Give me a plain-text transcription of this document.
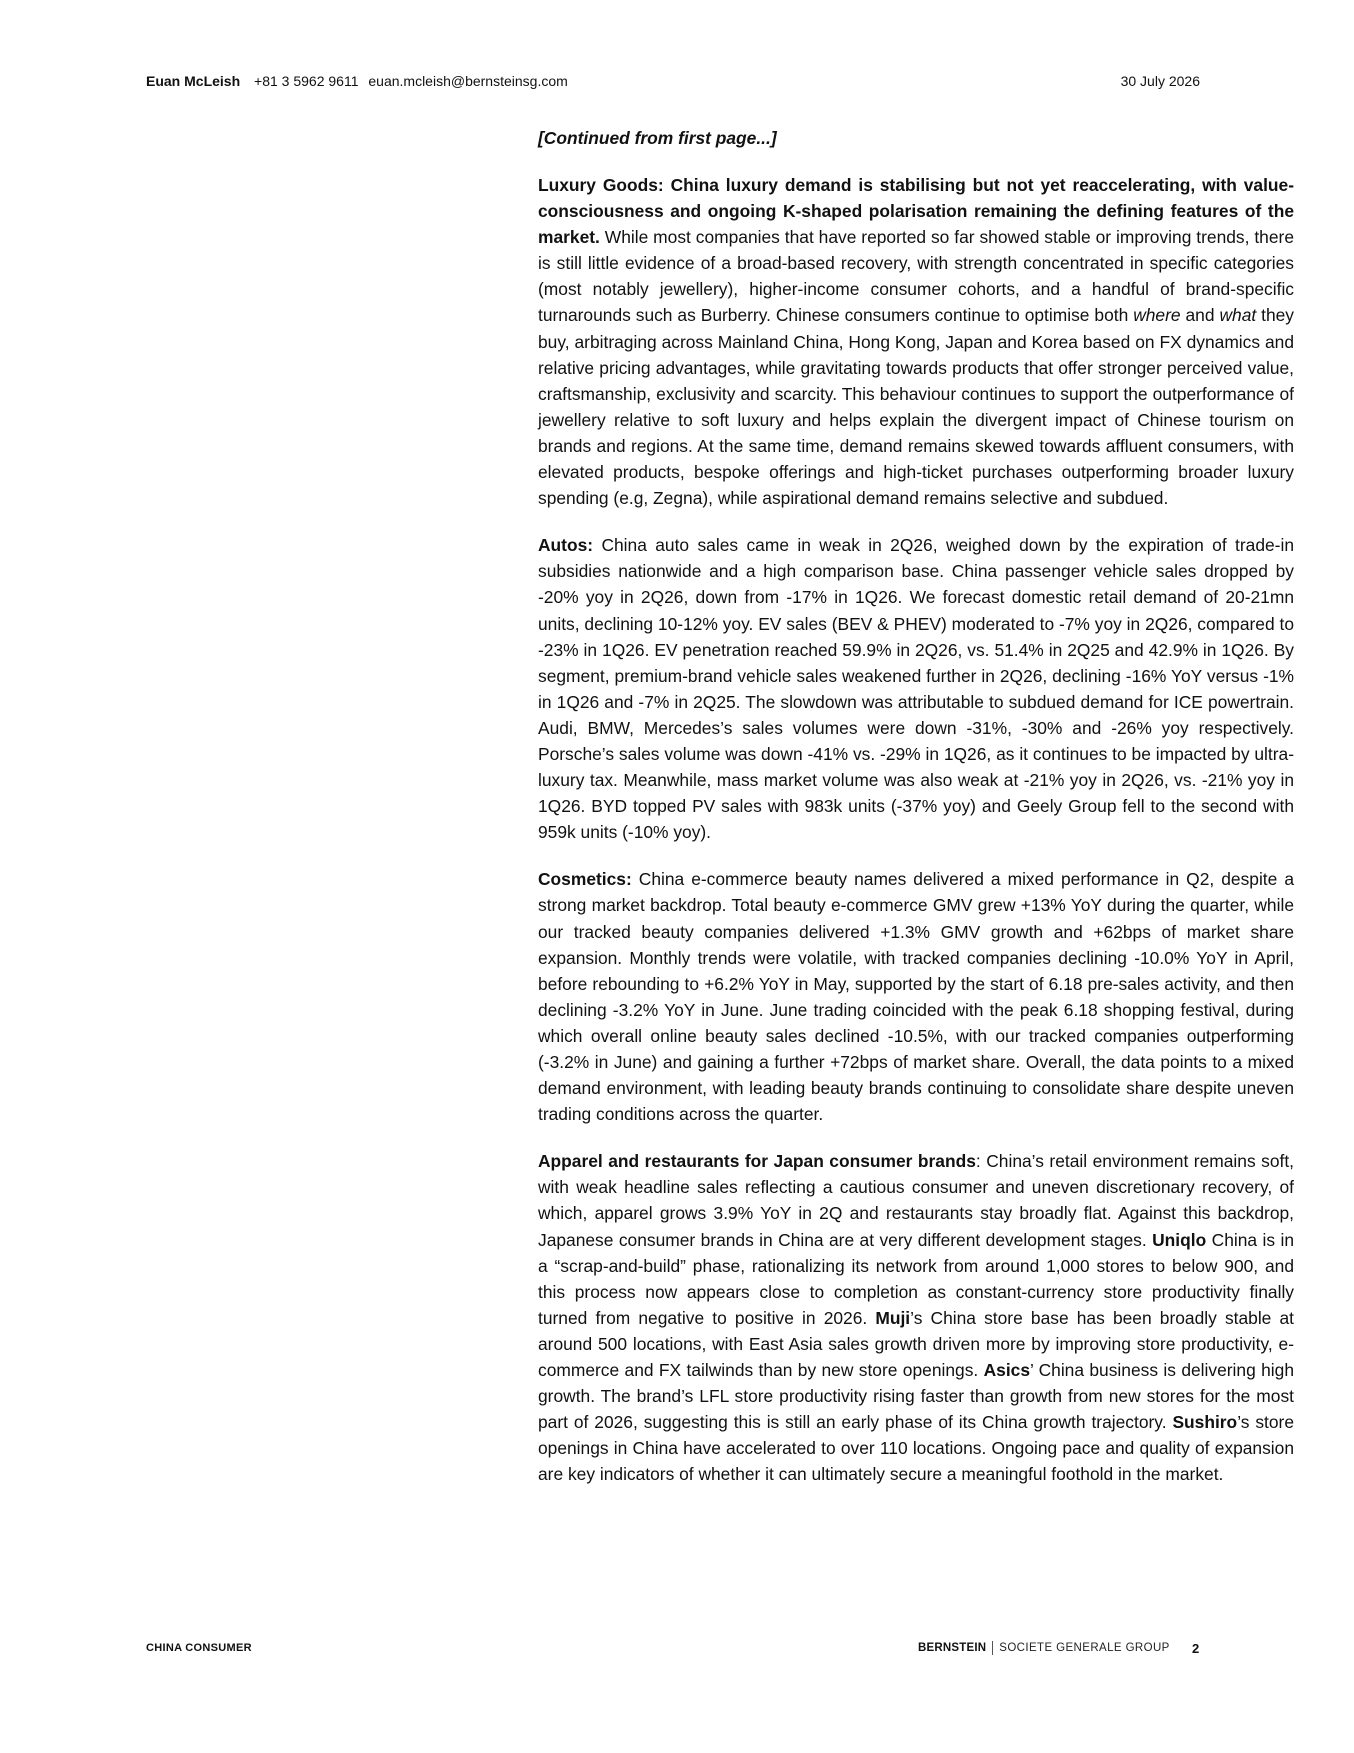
Euan McLeish +81 3 5962 9611 euan.mcleish@bernsteinsg.com	30 July 2026

[Continued from first page...]

Luxury Goods: China luxury demand is stabilising but not yet reaccelerating, with value-consciousness and ongoing K-shaped polarisation remaining the defining features of the market. While most companies that have reported so far showed stable or improving trends, there is still little evidence of a broad-based recovery, with strength concentrated in specific categories (most notably jewellery), higher-income consumer cohorts, and a handful of brand-specific turnarounds such as Burberry. Chinese consumers continue to optimise both where and what they buy, arbitraging across Mainland China, Hong Kong, Japan and Korea based on FX dynamics and relative pricing advantages, while gravitating towards products that offer stronger perceived value, craftsmanship, exclusivity and scarcity. This behaviour continues to support the outperformance of jewellery relative to soft luxury and helps explain the divergent impact of Chinese tourism on brands and regions. At the same time, demand remains skewed towards affluent consumers, with elevated products, bespoke offerings and high-ticket purchases outperforming broader luxury spending (e.g, Zegna), while aspirational demand remains selective and subdued.

Autos: China auto sales came in weak in 2Q26, weighed down by the expiration of trade-in subsidies nationwide and a high comparison base. China passenger vehicle sales dropped by -20% yoy in 2Q26, down from -17% in 1Q26. We forecast domestic retail demand of 20-21mn units, declining 10-12% yoy. EV sales (BEV & PHEV) moderated to -7% yoy in 2Q26, compared to -23% in 1Q26. EV penetration reached 59.9% in 2Q26, vs. 51.4% in 2Q25 and 42.9% in 1Q26. By segment, premium-brand vehicle sales weakened further in 2Q26, declining -16% YoY versus -1% in 1Q26 and -7% in 2Q25. The slowdown was attributable to subdued demand for ICE powertrain. Audi, BMW, Mercedes’s sales volumes were down -31%, -30% and -26% yoy respectively. Porsche’s sales volume was down -41% vs. -29% in 1Q26, as it continues to be impacted by ultra-luxury tax. Meanwhile, mass market volume was also weak at -21% yoy in 2Q26, vs. -21% yoy in 1Q26. BYD topped PV sales with 983k units (-37% yoy) and Geely Group fell to the second with 959k units (-10% yoy).

Cosmetics: China e-commerce beauty names delivered a mixed performance in Q2, despite a strong market backdrop. Total beauty e-commerce GMV grew +13% YoY during the quarter, while our tracked beauty companies delivered +1.3% GMV growth and +62bps of market share expansion. Monthly trends were volatile, with tracked companies declining -10.0% YoY in April, before rebounding to +6.2% YoY in May, supported by the start of 6.18 pre-sales activity, and then declining -3.2% YoY in June. June trading coincided with the peak 6.18 shopping festival, during which overall online beauty sales declined -10.5%, with our tracked companies outperforming (-3.2% in June) and gaining a further +72bps of market share. Overall, the data points to a mixed demand environment, with leading beauty brands continuing to consolidate share despite uneven trading conditions across the quarter.

Apparel and restaurants for Japan consumer brands: China’s retail environment remains soft, with weak headline sales reflecting a cautious consumer and uneven discretionary recovery, of which, apparel grows 3.9% YoY in 2Q and restaurants stay broadly flat. Against this backdrop, Japanese consumer brands in China are at very different development stages. Uniqlo China is in a “scrap-and-build” phase, rationalizing its network from around 1,000 stores to below 900, and this process now appears close to completion as constant-currency store productivity finally turned from negative to positive in 2026. Muji’s China store base has been broadly stable at around 500 locations, with East Asia sales growth driven more by improving store productivity, e-commerce and FX tailwinds than by new store openings. Asics’ China business is delivering high growth. The brand’s LFL store productivity rising faster than growth from new stores for the most part of 2026, suggesting this is still an early phase of its China growth trajectory. Sushiro’s store openings in China have accelerated to over 110 locations. Ongoing pace and quality of expansion are key indicators of whether it can ultimately secure a meaningful foothold in the market.

CHINA CONSUMER	BERNSTEIN SOCIETE GENERALE GROUP 2
